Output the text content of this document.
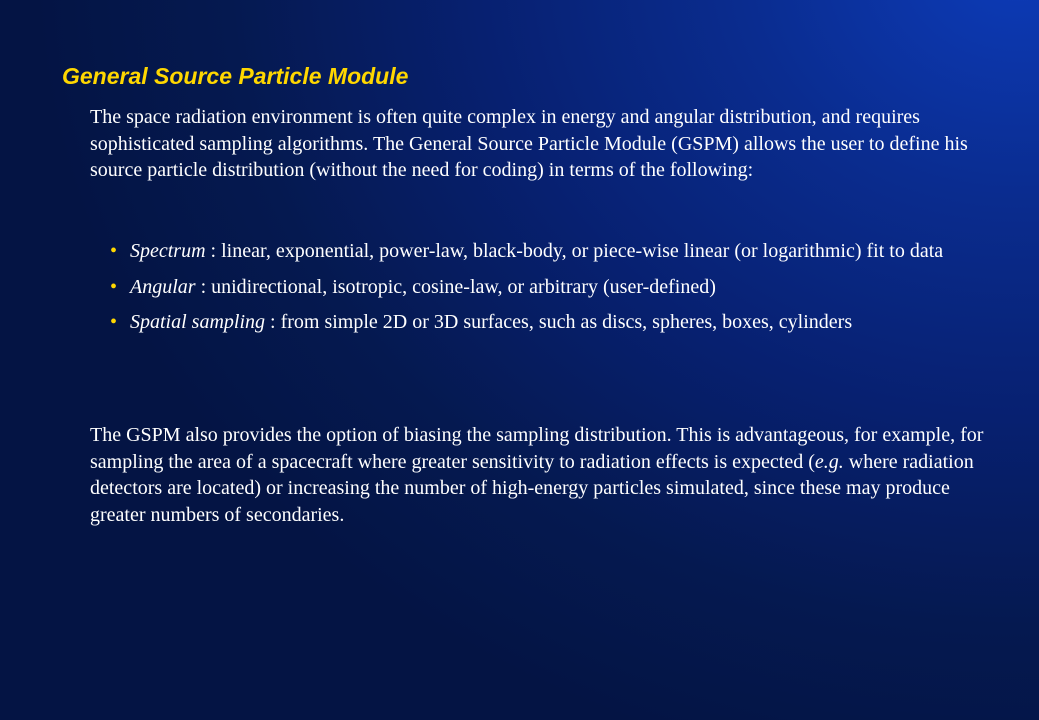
General Source Particle Module

The space radiation environment is often quite complex in energy and angular distribution, and requires sophisticated sampling algorithms. The General Source Particle Module (GSPM) allows the user to define his source particle distribution (without the need for coding) in terms of the following:

• Spectrum : linear, exponential, power-law, black-body, or piece-wise linear (or logarithmic) fit to data
• Angular : unidirectional, isotropic, cosine-law, or arbitrary (user-defined)
• Spatial sampling : from simple 2D or 3D surfaces, such as discs, spheres, boxes, cylinders

The GSPM also provides the option of biasing the sampling distribution. This is advantageous, for example, for sampling the area of a spacecraft where greater sensitivity to radiation effects is expected (e.g. where radiation detectors are located) or increasing the number of high-energy particles simulated, since these may produce greater numbers of secondaries.
